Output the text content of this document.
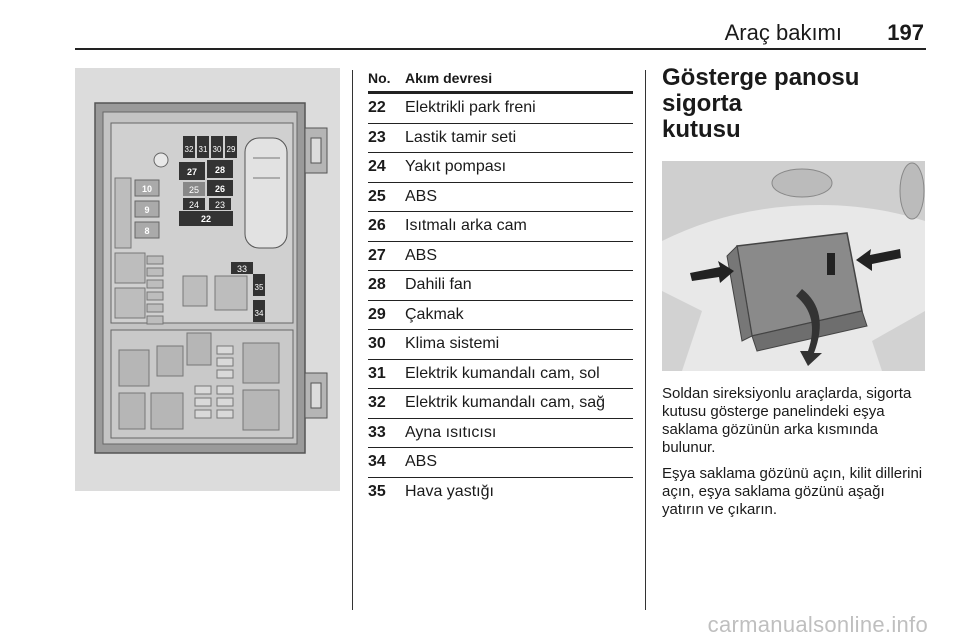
Araç bakımı 197
32 31 30 29
28
27
26
25
24 23
22
10
9
8
33
35
34
No. Akım devresi
22 Elektrikli park freni
23 Lastik tamir seti
24 Yakıt pompası
25 ABS
26 Isıtmalı arka cam
27 ABS
28 Dahili fan
29 Çakmak
30 Klima sistemi
31 Elektrik kumandalı cam, sol
32 Elektrik kumandalı cam, sağ
33 Ayna ısıtıcısı
34 ABS
35 Hava yastığı
Gösterge panosu sigorta
kutusu

Soldan sireksiyonlu araçlarda, sigorta kutusu gösterge panelindeki eşya saklama gözünün arka kısmında bulunur.

Eşya saklama gözünü açın, kilit dillerini açın, eşya saklama gözünü aşağı yatırın ve çıkarın.

carmanualsonline.info
